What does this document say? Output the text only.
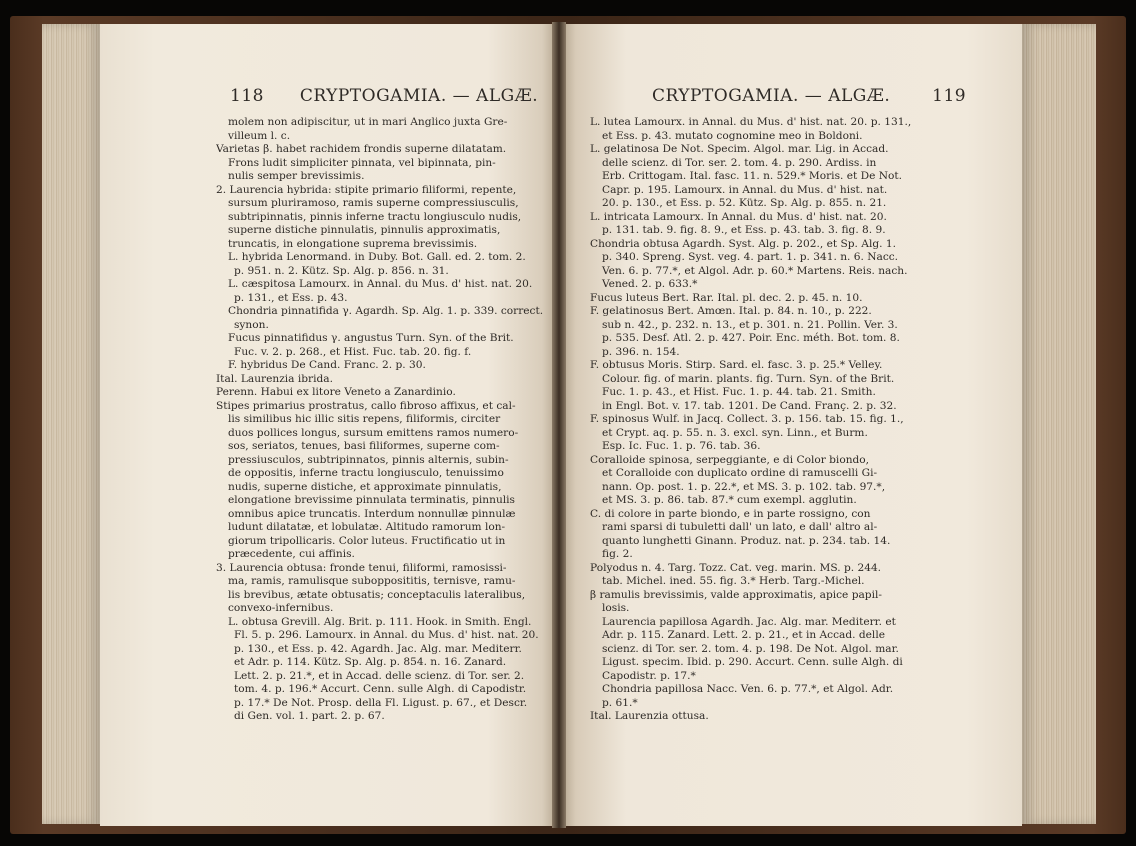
118 CRYPTOGAMIA. — ALGÆ.	CRYPTOGAMIA. — ALGÆ. 119
molem non adipiscitur, ut in mari Anglico juxta Gre-
villeum l. c.
Varietas β. habet rachidem frondis superne dilatatam.
Frons ludit simpliciter pinnata, vel bipinnata, pin-
nulis semper brevissimis.
2. Laurencia hybrida: stipite primario filiformi, repente,
sursum pluriramoso, ramis superne compressiusculis,
subtripinnatis, pinnis inferne tractu longiusculo nudis,
superne distiche pinnulatis, pinnulis approximatis,
truncatis, in elongatione suprema brevissimis.
L. hybrida Lenormand. in Duby. Bot. Gall. ed. 2. tom. 2.
p. 951. n. 2. Kütz. Sp. Alg. p. 856. n. 31.
L. cæspitosa Lamourx. in Annal. du Mus. d' hist. nat. 20.
p. 131., et Ess. p. 43.
Chondria pinnatifida γ. Agardh. Sp. Alg. 1. p. 339. correct.
synon.
Fucus pinnatifidus γ. angustus Turn. Syn. of the Brit.
Fuc. v. 2. p. 268., et Hist. Fuc. tab. 20. fig. f.
F. hybridus De Cand. Franc. 2. p. 30.
Ital. Laurenzia ibrida.
Perenn. Habui ex litore Veneto a Zanardinio.
Stipes primarius prostratus, callo fibroso affixus, et cal-
lis similibus hic illic sitis repens, filiformis, circiter
duos pollices longus, sursum emittens ramos numero-
sos, seriatos, tenues, basi filiformes, superne com-
pressiusculos, subtripinnatos, pinnis alternis, subin-
de oppositis, inferne tractu longiusculo, tenuissimo
nudis, superne distiche, et approximate pinnulatis,
elongatione brevissime pinnulata terminatis, pinnulis
omnibus apice truncatis. Interdum nonnullæ pinnulæ
ludunt dilatatæ, et lobulatæ. Altitudo ramorum lon-
giorum tripollicaris. Color luteus. Fructificatio ut in
præcedente, cui affinis.
3. Laurencia obtusa: fronde tenui, filiformi, ramosissi-
ma, ramis, ramulisque subopposititis, ternisve, ramu-
lis brevibus, ætate obtusatis; conceptaculis lateralibus,
convexo-infernibus.
L. obtusa Grevill. Alg. Brit. p. 111. Hook. in Smith. Engl.
Fl. 5. p. 296. Lamourx. in Annal. du Mus. d' hist. nat. 20.
p. 130., et Ess. p. 42. Agardh. Jac. Alg. mar. Mediterr.
et Adr. p. 114. Kütz. Sp. Alg. p. 854. n. 16. Zanard.
Lett. 2. p. 21.*, et in Accad. delle scienz. di Tor. ser. 2.
tom. 4. p. 196.* Accurt. Cenn. sulle Algh. di Capodistr.
p. 17.* De Not. Prosp. della Fl. Ligust. p. 67., et Descr.
di Gen. vol. 1. part. 2. p. 67.
L. lutea Lamourx. in Annal. du Mus. d' hist. nat. 20. p. 131.,
et Ess. p. 43. mutato cognomine meo in Boldoni.
L. gelatinosa De Not. Specim. Algol. mar. Lig. in Accad.
delle scienz. di Tor. ser. 2. tom. 4. p. 290. Ardiss. in
Erb. Crittogam. Ital. fasc. 11. n. 529.* Moris. et De Not.
Capr. p. 195. Lamourx. in Annal. du Mus. d' hist. nat.
20. p. 130., et Ess. p. 52. Kütz. Sp. Alg. p. 855. n. 21.
L. intricata Lamourx. In Annal. du Mus. d' hist. nat. 20.
p. 131. tab. 9. fig. 8. 9., et Ess. p. 43. tab. 3. fig. 8. 9.
Chondria obtusa Agardh. Syst. Alg. p. 202., et Sp. Alg. 1.
p. 340. Spreng. Syst. veg. 4. part. 1. p. 341. n. 6. Nacc.
Ven. 6. p. 77.*, et Algol. Adr. p. 60.* Martens. Reis. nach.
Vened. 2. p. 633.*
Fucus luteus Bert. Rar. Ital. pl. dec. 2. p. 45. n. 10.
F. gelatinosus Bert. Amœn. Ital. p. 84. n. 10., p. 222.
sub n. 42., p. 232. n. 13., et p. 301. n. 21. Pollin. Ver. 3.
p. 535. Desf. Atl. 2. p. 427. Poir. Enc. méth. Bot. tom. 8.
p. 396. n. 154.
F. obtusus Moris. Stirp. Sard. el. fasc. 3. p. 25.* Velley.
Colour. fig. of marin. plants. fig. Turn. Syn. of the Brit.
Fuc. 1. p. 43., et Hist. Fuc. 1. p. 44. tab. 21. Smith.
in Engl. Bot. v. 17. tab. 1201. De Cand. Franç. 2. p. 32.
F. spinosus Wulf. in Jacq. Collect. 3. p. 156. tab. 15. fig. 1.,
et Crypt. aq. p. 55. n. 3. excl. syn. Linn., et Burm.
Esp. Ic. Fuc. 1. p. 76. tab. 36.
Coralloide spinosa, serpeggiante, e di Color biondo,
et Coralloide con duplicato ordine di ramuscelli Gi-
nann. Op. post. 1. p. 22.*, et MS. 3. p. 102. tab. 97.*,
et MS. 3. p. 86. tab. 87.* cum exempl. agglutin.
C. di colore in parte biondo, e in parte rossigno, con
rami sparsi di tubuletti dall' un lato, e dall' altro al-
quanto lunghetti Ginann. Produz. nat. p. 234. tab. 14.
fig. 2.
Polyodus n. 4. Targ. Tozz. Cat. veg. marin. MS. p. 244.
tab. Michel. ined. 55. fig. 3.* Herb. Targ.-Michel.
β ramulis brevissimis, valde approximatis, apice papil-
losis.
Laurencia papillosa Agardh. Jac. Alg. mar. Mediterr. et
Adr. p. 115. Zanard. Lett. 2. p. 21., et in Accad. delle
scienz. di Tor. ser. 2. tom. 4. p. 198. De Not. Algol. mar.
Ligust. specim. Ibid. p. 290. Accurt. Cenn. sulle Algh. di
Capodistr. p. 17.*
Chondria papillosa Nacc. Ven. 6. p. 77.*, et Algol. Adr.
p. 61.*
Ital. Laurenzia ottusa.
